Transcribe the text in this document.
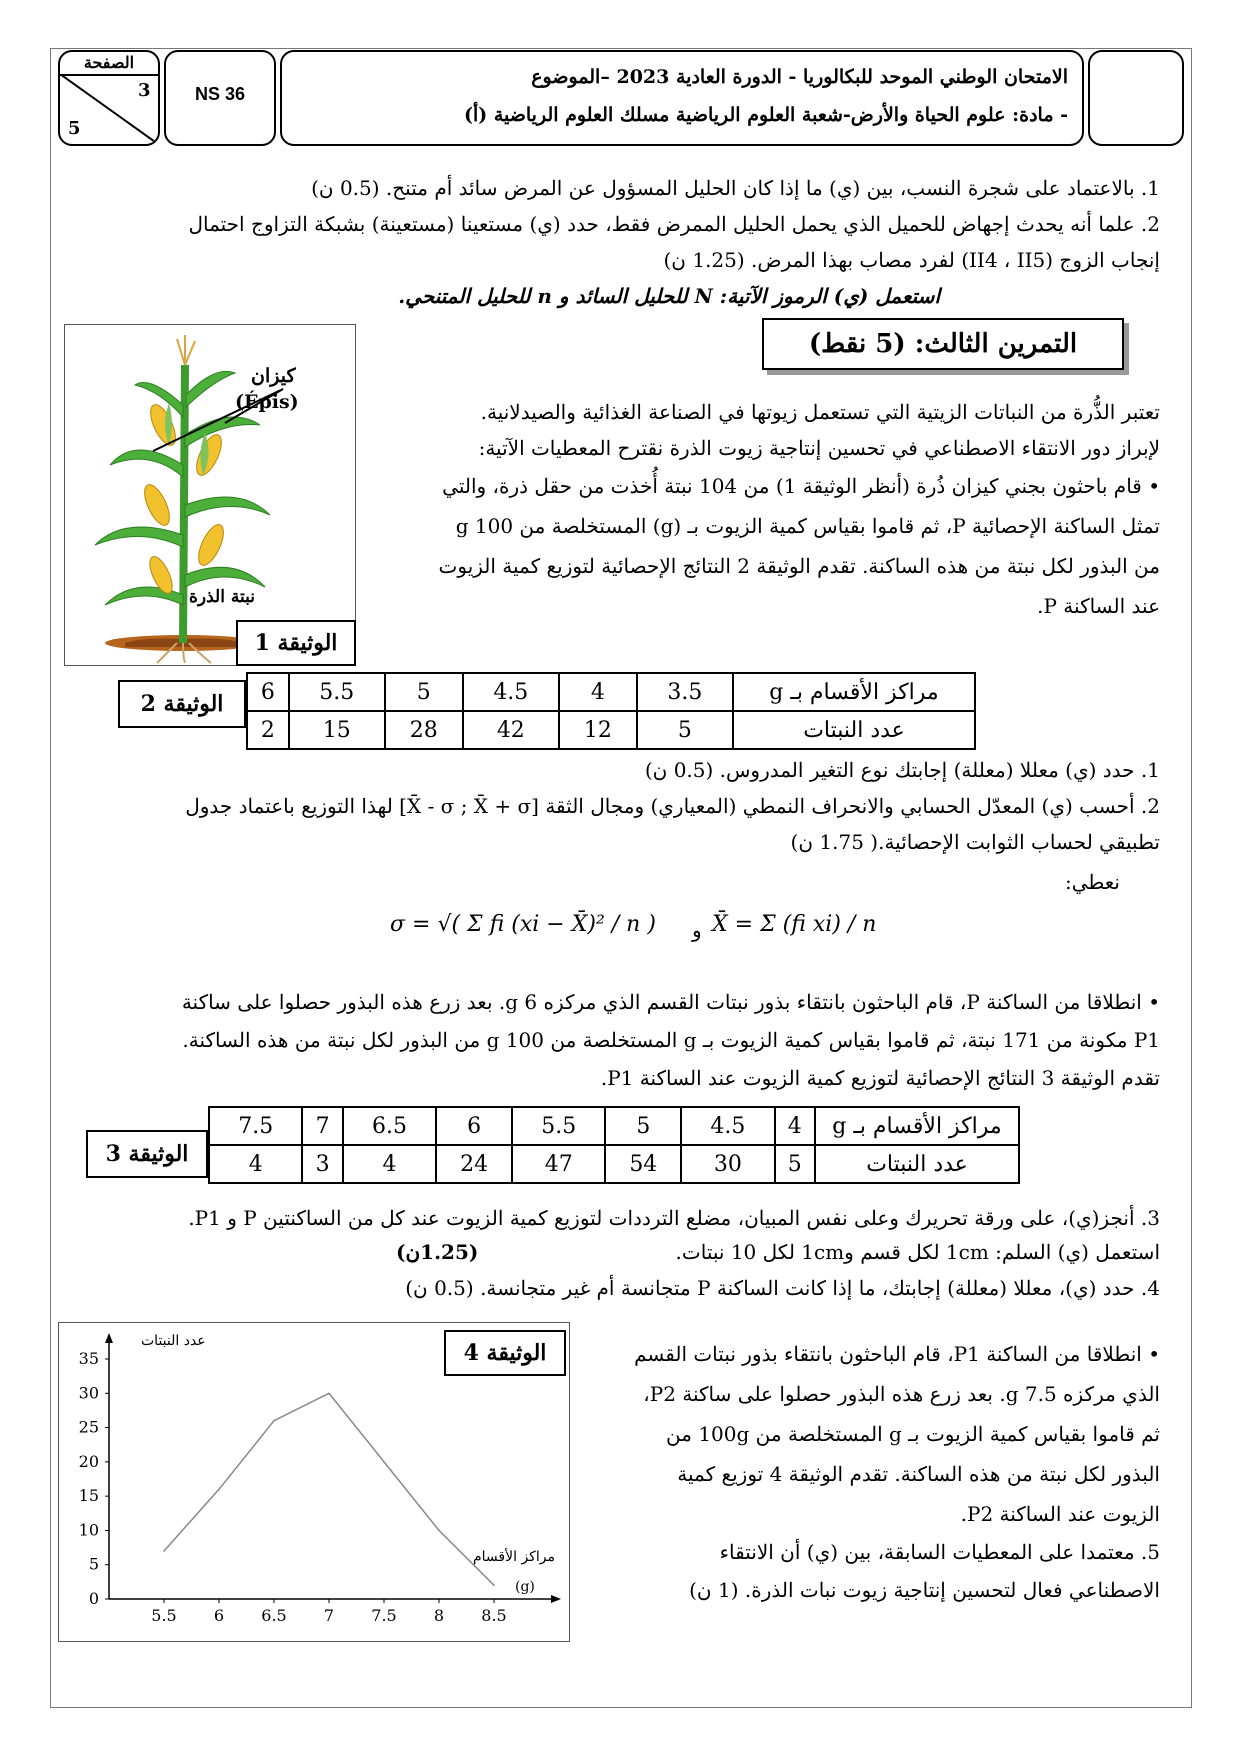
الصفحة
3
5
NS 36
الامتحان الوطني الموحد للبكالوريا - الدورة العادية 2023 –الموضوع
- مادة: علوم الحياة والأرض-شعبة العلوم الرياضية مسلك العلوم الرياضية (أ)
1. بالاعتماد على شجرة النسب، بين (ي) ما إذا كان الحليل المسؤول عن المرض سائد أم متنح. (0.5 ن)
2. علما أنه يحدث إجهاض للحميل الذي يحمل الحليل الممرض فقط، حدد (ي) مستعينا (مستعينة) بشبكة التزاوج احتمال
إنجاب الزوج (II4 ، II5) لفرد مصاب بهذا المرض. (1.25 ن)
استعمل (ي) الرموز الآتية: N للحليل السائد و n للحليل المتنحي.
التمرين الثالث: (5 نقط)
تعتبر الذُّرة من النباتات الزيتية التي تستعمل زيوتها في الصناعة الغذائية والصيدلانية.
لإبراز دور الانتقاء الاصطناعي في تحسين إنتاجية زيوت الذرة نقترح المعطيات الآتية:
• قام باحثون بجني كيزان ذُرة (أنظر الوثيقة 1) من 104 نبتة أُخذت من حقل ذرة، والتي
تمثل الساكنة الإحصائية P، ثم قاموا بقياس كمية الزيوت بـ (g) المستخلصة من 100 g
من البذور لكل نبتة من هذه الساكنة. تقدم الوثيقة 2 النتائج الإحصائية لتوزيع كمية الزيوت
عند الساكنة P.
كيزان
(Épis)
نبتة الذرة
الوثيقة 1
الوثيقة 2	مراكز الأقسام بـ g	3.5	4	4.5	5	5.5	6
عدد النبتات	5	12	42	28	15	2
1. حدد (ي) معللا (معللة) إجابتك نوع التغير المدروس. (0.5 ن)
2. أحسب (ي) المعدّل الحسابي والانحراف النمطي (المعياري) ومجال الثقة [X̄ - σ ; X̄ + σ] لهذا التوزيع باعتماد جدول
تطبيقي لحساب الثوابت الإحصائية.( 1.75 ن)
نعطي:
σ = √( Σ fi (xi − X̄)² / n ) و X̄ = Σ (fi xi) / n
• انطلاقا من الساكنة P، قام الباحثون بانتقاء بذور نبتات القسم الذي مركزه 6 g. بعد زرع هذه البذور حصلوا على ساكنة
P1 مكونة من 171 نبتة، ثم قاموا بقياس كمية الزيوت بـ g المستخلصة من 100 g من البذور لكل نبتة من هذه الساكنة.
تقدم الوثيقة 3 النتائج الإحصائية لتوزيع كمية الزيوت عند الساكنة P1.
الوثيقة 3
مراكز الأقسام بـ g	4	4.5	5	5.5	6	6.5	7	7.5
عدد النبتات	5	30	54	47	24	4	3	4
3. أنجز(ي)، على ورقة تحريرك وعلى نفس المبيان، مضلع الترددات لتوزيع كمية الزيوت عند كل من الساكنتين P و P1.
استعمل (ي) السلم: 1cm لكل قسم و1cm لكل 10 نبتات.
(1.25ن)
4. حدد (ي)، معللا (معللة) إجابتك، ما إذا كانت الساكنة P متجانسة أم غير متجانسة. (0.5 ن)
0
5
10
15
20
25
30
35
5.5 6 6.5 7 7.5 8 8.5
عدد النبتات
مراكز الأقسام
(g)
الوثيقة 4	• انطلاقا من الساكنة P1، قام الباحثون بانتقاء بذور نبتات القسم
الذي مركزه 7.5 g. بعد زرع هذه البذور حصلوا على ساكنة P2،
ثم قاموا بقياس كمية الزيوت بـ g المستخلصة من 100g من
البذور لكل نبتة من هذه الساكنة. تقدم الوثيقة 4 توزيع كمية
الزيوت عند الساكنة P2.
5. معتمدا على المعطيات السابقة، بين (ي) أن الانتقاء
الاصطناعي فعال لتحسين إنتاجية زيوت نبات الذرة. (1 ن)
